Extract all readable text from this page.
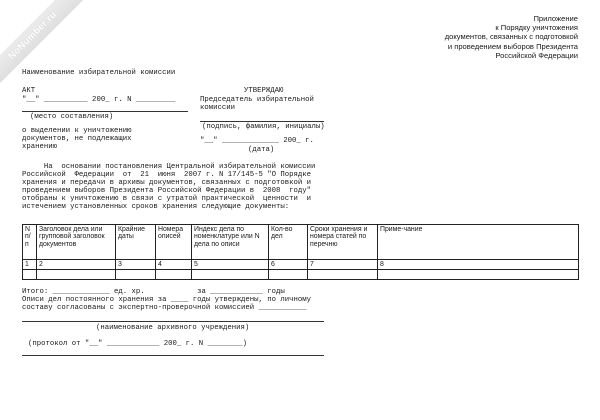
NoNumber.ru	Приложение
к Порядку уничтожения
документов, связанных с подготовкой
и проведением выборов Президента
Российской Федерации
Наименование избирательной комиссии
АКТ
"__" __________ 200_ г. N _________
(место составления)
о выделении к уничтожению
документов, не подлежащих
хранению
УТВЕРЖДАЮ
Председатель избирательной
комиссии
(подпись, фамилия, инициалы)
"__" _____________ 200_ г.
(дата)
На  основании постановления Центральной избирательной комиссии
Российской  Федерации  от  21  июня  2007 г. N 17/145-5 "О Порядке
хранения и передачи в архивы документов, связанных с подготовкой и
проведением выборов Президента Российской Федерации в  2008  году"
отобраны к уничтожению в связи с утратой практической  ценности  и
истечением установленных сроков хранения следующие документы:
N п/п	Заголовок дела или групповой заголовок документов	Крайние даты	Номера описей	Индекс дела по номенклатуре или N дела по описи	Кол-во дел	Сроки хранения и номера статей по перечню	Приме-чание
1	2	3	4	5	6	7	8

Итого: _____________ ед. хр.            за ____________ годы
Описи дел постоянного хранения за ____ годы утверждены, по личному
составу согласованы с экспертно-проверочной комиссией ___________
(наименование архивного учреждения)
(протокол от "__" ____________ 200_ г. N ________)
